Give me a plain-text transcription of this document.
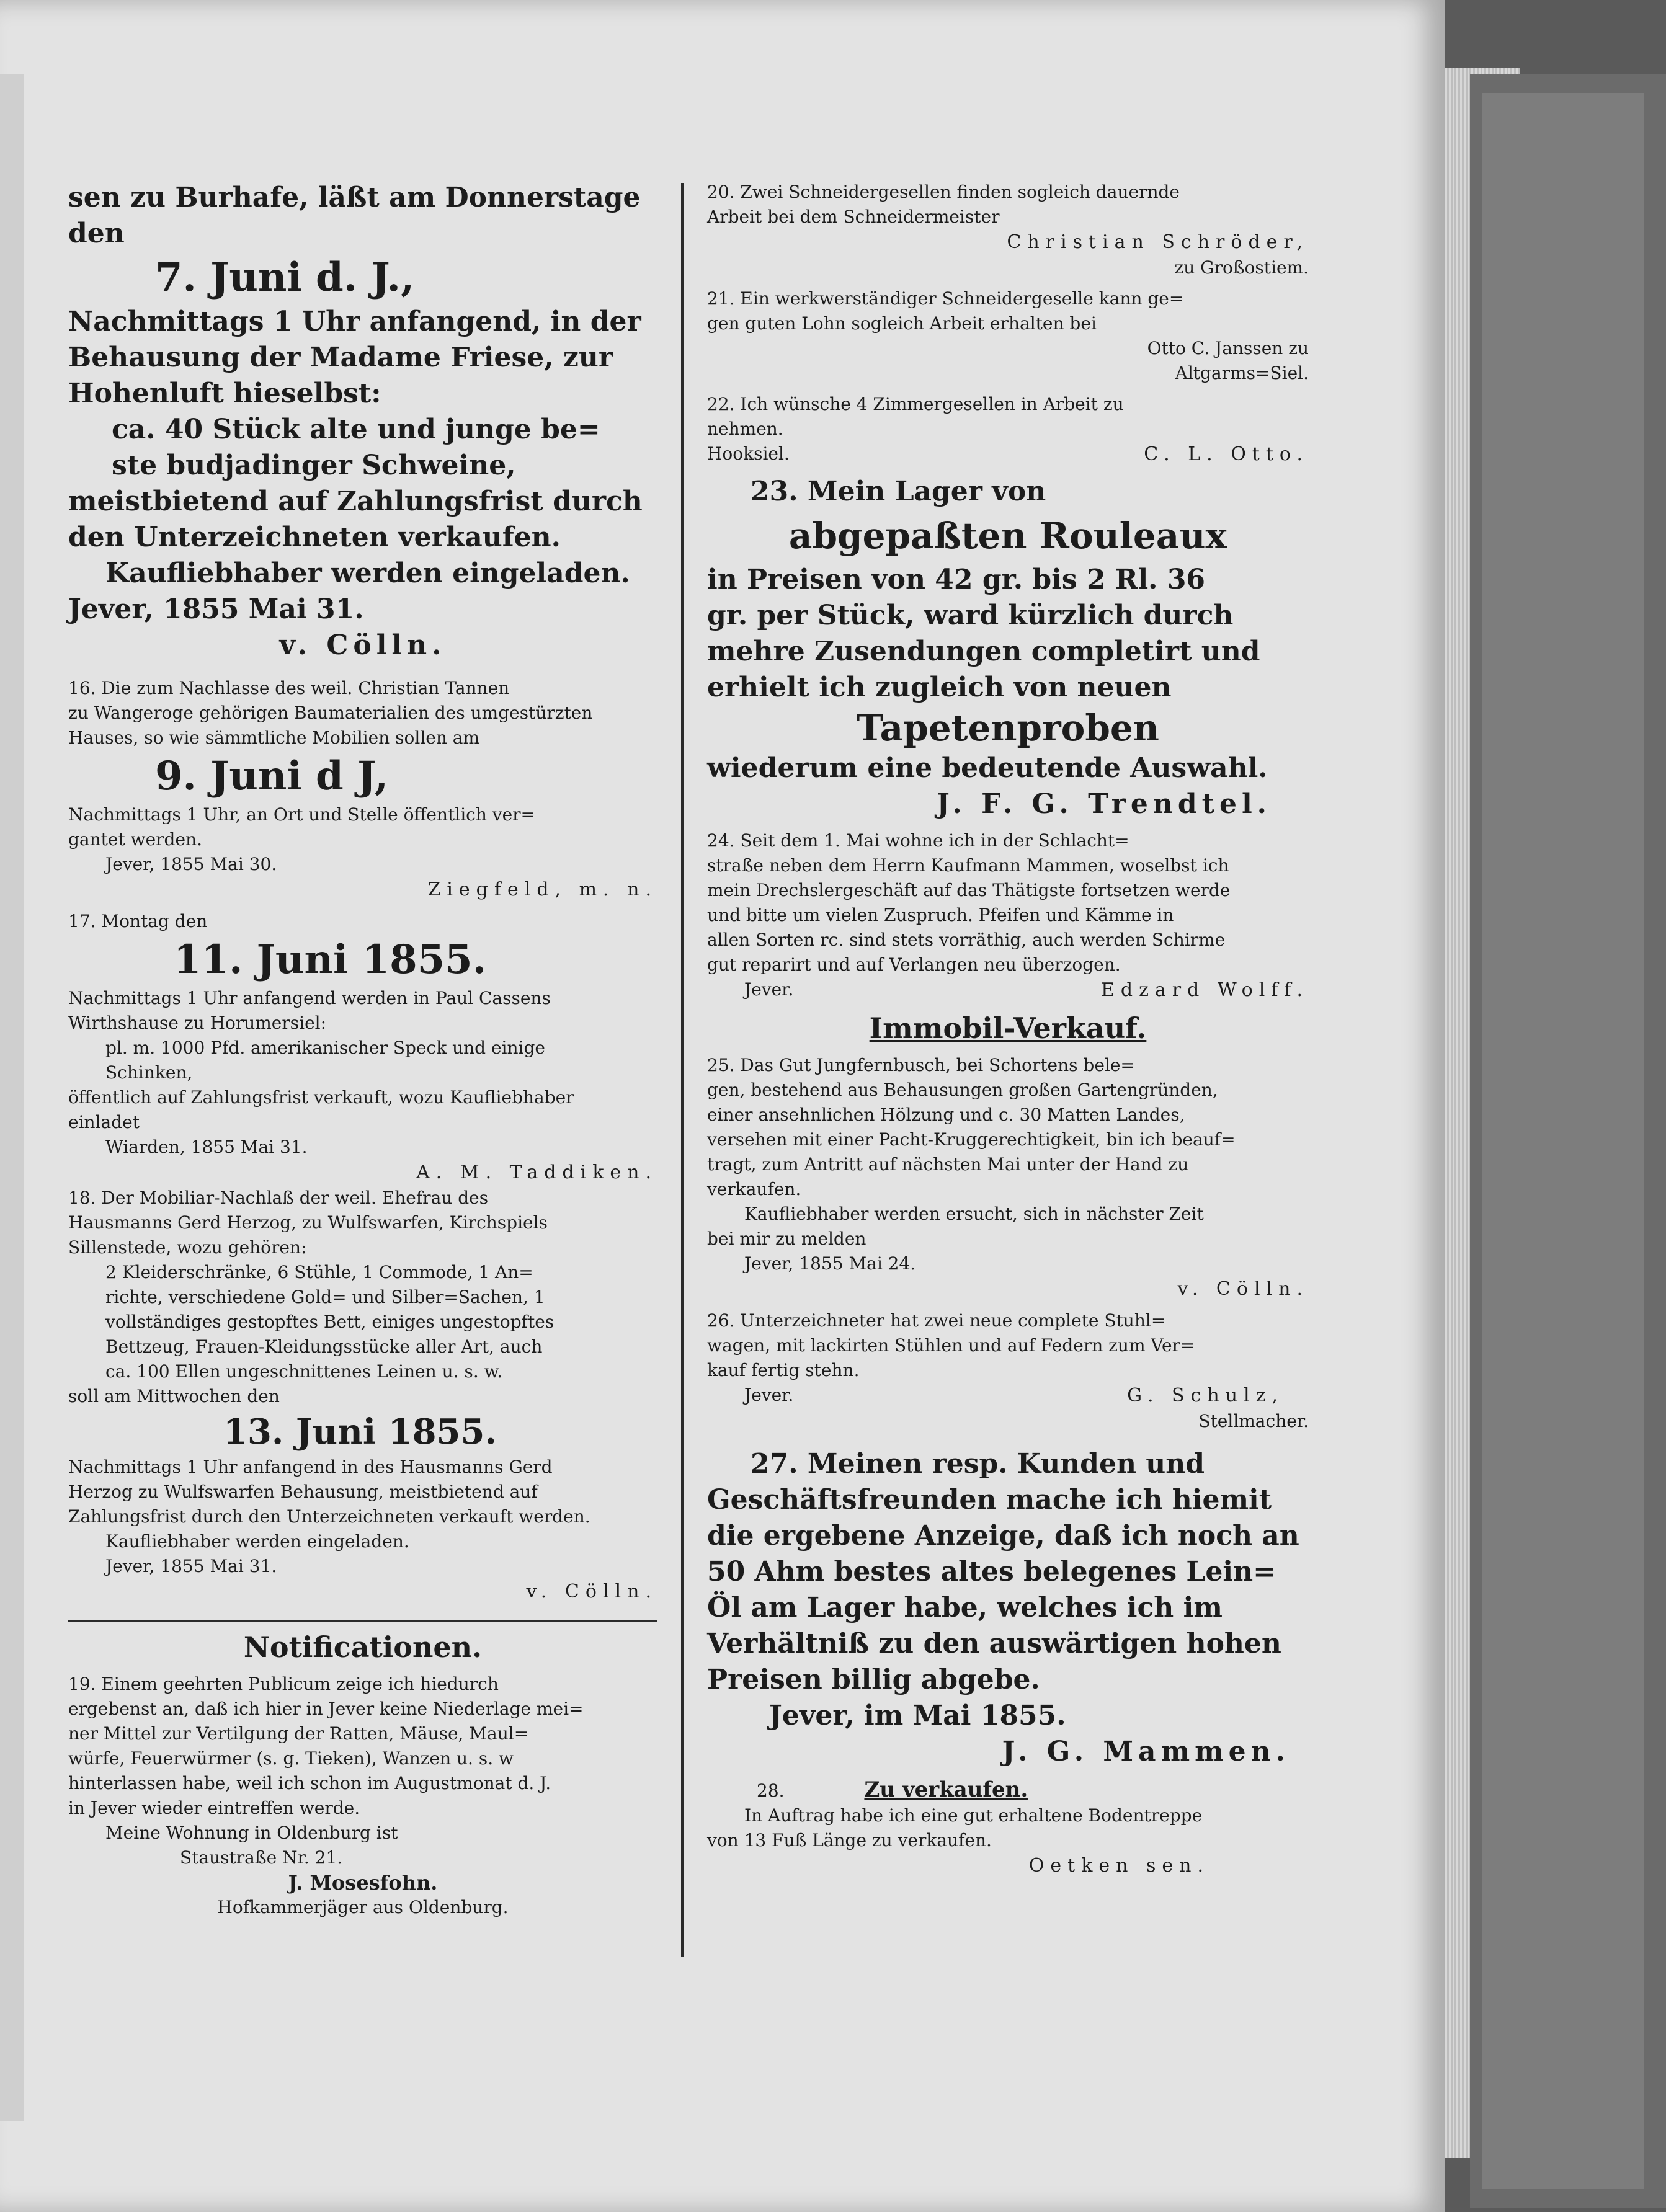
sen zu Burhafe, läßt am Donnerstage

den

7. Juni d. J.,

Nachmittags 1 Uhr anfangend, in der

Behausung der Madame Friese, zur

Hohenluft hieselbst:

ca. 40 Stück alte und junge be=

ste budjadinger Schweine,

meistbietend auf Zahlungsfrist durch

den Unterzeichneten verkaufen.

Kaufliebhaber werden eingeladen.

Jever, 1855 Mai 31.

v. Cölln.

16. Die zum Nachlasse des weil. Christian Tannen

zu Wangeroge gehörigen Baumaterialien des umgestürzten

Hauses, so wie sämmtliche Mobilien sollen am

9. Juni d J,

Nachmittags 1 Uhr, an Ort und Stelle öffentlich ver=

gantet werden.

Jever, 1855 Mai 30.

Ziegfeld, m. n.

17. Montag den

11. Juni 1855.

Nachmittags 1 Uhr anfangend werden in Paul Cassens

Wirthshause zu Horumersiel:

pl. m. 1000 Pfd. amerikanischer Speck und einige

Schinken,

öffentlich auf Zahlungsfrist verkauft, wozu Kaufliebhaber

einladet

Wiarden, 1855 Mai 31.

A. M. Taddiken.

18. Der Mobiliar-Nachlaß der weil. Ehefrau des

Hausmanns Gerd Herzog, zu Wulfswarfen, Kirchspiels

Sillenstede, wozu gehören:

2 Kleiderschränke, 6 Stühle, 1 Commode, 1 An=

richte, verschiedene Gold= und Silber=Sachen, 1

vollständiges gestopftes Bett, einiges ungestopftes

Bettzeug, Frauen-Kleidungsstücke aller Art, auch

ca. 100 Ellen ungeschnittenes Leinen u. s. w.

soll am Mittwochen den

13. Juni 1855.

Nachmittags 1 Uhr anfangend in des Hausmanns Gerd

Herzog zu Wulfswarfen Behausung, meistbietend auf

Zahlungsfrist durch den Unterzeichneten verkauft werden.

Kaufliebhaber werden eingeladen.

Jever, 1855 Mai 31.

v. Cölln.

Notificationen.

19. Einem geehrten Publicum zeige ich hiedurch

ergebenst an, daß ich hier in Jever keine Niederlage mei=

ner Mittel zur Vertilgung der Ratten, Mäuse, Maul=

würfe, Feuerwürmer (s. g. Tieken), Wanzen u. s. w

hinterlassen habe, weil ich schon im Augustmonat d. J.

in Jever wieder eintreffen werde.

Meine Wohnung in Oldenburg ist

Staustraße Nr. 21.

J. Mosesfohn.

Hofkammerjäger aus Oldenburg.

20. Zwei Schneidergesellen finden sogleich dauernde

Arbeit bei dem Schneidermeister

Christian Schröder,

zu Großostiem.

21. Ein werkwerständiger Schneidergeselle kann ge=

gen guten Lohn sogleich Arbeit erhalten bei

Otto C. Janssen zu

Altgarms=Siel.

22. Ich wünsche 4 Zimmergesellen in Arbeit zu

nehmen.

Hooksiel.	C. L. Otto.

23. Mein Lager von

abgepaßten Rouleaux

in Preisen von 42 gr. bis 2 Rl. 36

gr. per Stück, ward kürzlich durch

mehre Zusendungen completirt und

erhielt ich zugleich von neuen

Tapetenproben

wiederum eine bedeutende Auswahl.

J. F. G. Trendtel.

24. Seit dem 1. Mai wohne ich in der Schlacht=

straße neben dem Herrn Kaufmann Mammen, woselbst ich

mein Drechslergeschäft auf das Thätigste fortsetzen werde

und bitte um vielen Zuspruch. Pfeifen und Kämme in

allen Sorten rc. sind stets vorräthig, auch werden Schirme

gut reparirt und auf Verlangen neu überzogen.

Jever.	Edzard Wolff.

Immobil-Verkauf.

25. Das Gut Jungfernbusch, bei Schortens bele=

gen, bestehend aus Behausungen großen Gartengründen,

einer ansehnlichen Hölzung und c. 30 Matten Landes,

versehen mit einer Pacht-Kruggerechtigkeit, bin ich beauf=

tragt, zum Antritt auf nächsten Mai unter der Hand zu

verkaufen.

Kaufliebhaber werden ersucht, sich in nächster Zeit

bei mir zu melden

Jever, 1855 Mai 24.

v. Cölln.

26. Unterzeichneter hat zwei neue complete Stuhl=

wagen, mit lackirten Stühlen und auf Federn zum Ver=

kauf fertig stehn.

Jever.	G. Schulz,

Stellmacher.

27. Meinen resp. Kunden und

Geschäftsfreunden mache ich hiemit

die ergebene Anzeige, daß ich noch an

50 Ahm bestes altes belegenes Lein=

Öl am Lager habe, welches ich im

Verhältniß zu den auswärtigen hohen

Preisen billig abgebe.

Jever, im Mai 1855.

J. G. Mammen.

28.	Zu verkaufen.

In Auftrag habe ich eine gut erhaltene Bodentreppe

von 13 Fuß Länge zu verkaufen.

Oetken sen.
